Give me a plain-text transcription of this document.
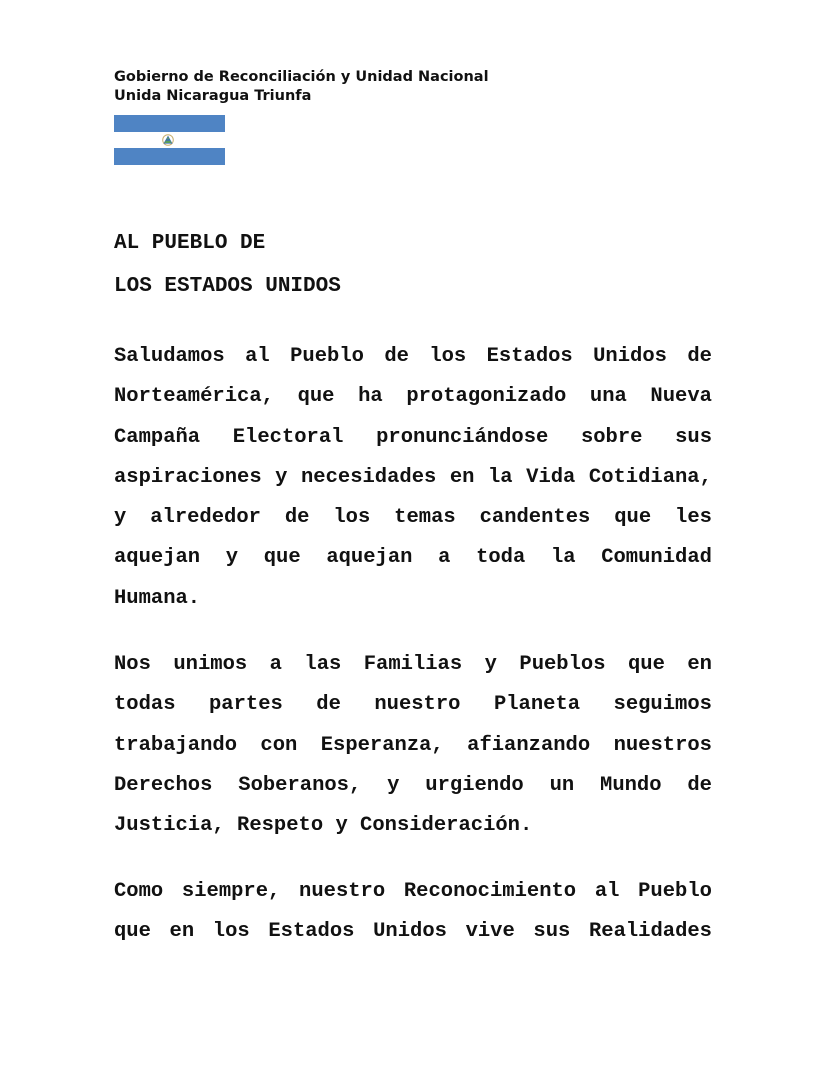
Gobierno de Reconciliación y Unidad Nacional
Unida Nicaragua Triunfa
AL PUEBLO DE
LOS ESTADOS UNIDOS
Saludamos al Pueblo de los Estados Unidos de
Norteamérica, que ha protagonizado una Nueva
Campaña Electoral pronunciándose sobre sus
aspiraciones y necesidades en la Vida Cotidiana,
y alrededor de los temas candentes que les
aquejan y que aquejan a toda la Comunidad
Humana.
Nos unimos a las Familias y Pueblos que en
todas partes de nuestro Planeta seguimos
trabajando con Esperanza, afianzando nuestros
Derechos Soberanos, y urgiendo un Mundo de
Justicia, Respeto y Consideración.
Como siempre, nuestro Reconocimiento al Pueblo
que en los Estados Unidos vive sus Realidades
